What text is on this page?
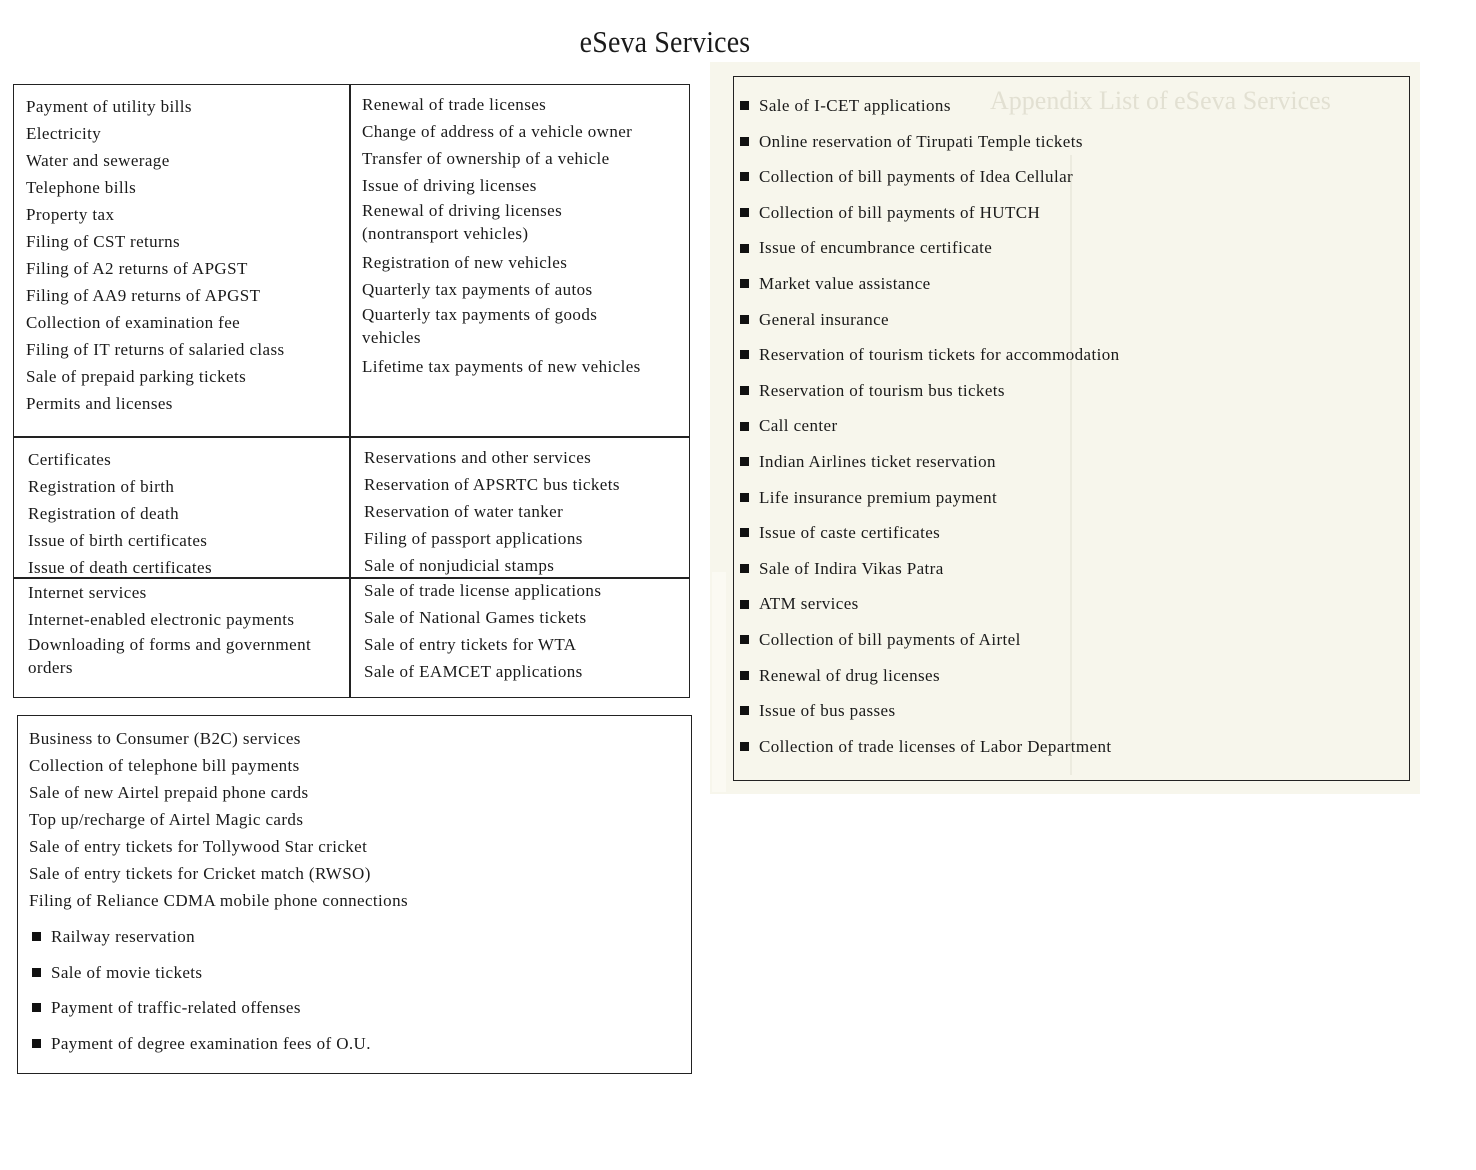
eSeva Services
Payment of utility bills
Electricity
Water and sewerage
Telephone bills
Property tax
Filing of CST returns
Filing of A2 returns of APGST
Filing of AA9 returns of APGST
Collection of examination fee
Filing of IT returns of salaried class
Sale of prepaid parking tickets
Permits and licenses
Renewal of trade licenses
Change of address of a vehicle owner
Transfer of ownership of a vehicle
Issue of driving licenses
Renewal of driving licenses (nontransport vehicles)
Registration of new vehicles
Quarterly tax payments of autos
Quarterly tax payments of goods vehicles
Lifetime tax payments of new vehicles
Certificates
Registration of birth
Registration of death
Issue of birth certificates
Issue of death certificates
Reservations and other services
Reservation of APSRTC bus tickets
Reservation of water tanker
Filing of passport applications
Sale of nonjudicial stamps
Internet services
Internet-enabled electronic payments
Downloading of forms and government orders
Sale of trade license applications
Sale of National Games tickets
Sale of entry tickets for WTA
Sale of EAMCET applications
Business to Consumer (B2C) services
Collection of telephone bill payments
Sale of new Airtel prepaid phone cards
Top up/recharge of Airtel Magic cards
Sale of entry tickets for Tollywood Star cricket
Sale of entry tickets for Cricket match (RWSO)
Filing of Reliance CDMA mobile phone connections
Railway reservation
Sale of movie tickets
Payment of traffic-related offenses
Payment of degree examination fees of O.U.
Appendix List of eSeva Services
Sale of I-CET applications
Online reservation of Tirupati Temple tickets
Collection of bill payments of Idea Cellular
Collection of bill payments of HUTCH
Issue of encumbrance certificate
Market value assistance
General insurance
Reservation of tourism tickets for accommodation
Reservation of tourism bus tickets
Call center
Indian Airlines ticket reservation
Life insurance premium payment
Issue of caste certificates
Sale of Indira Vikas Patra
ATM services
Collection of bill payments of Airtel
Renewal of drug licenses
Issue of bus passes
Collection of trade licenses of Labor Department
